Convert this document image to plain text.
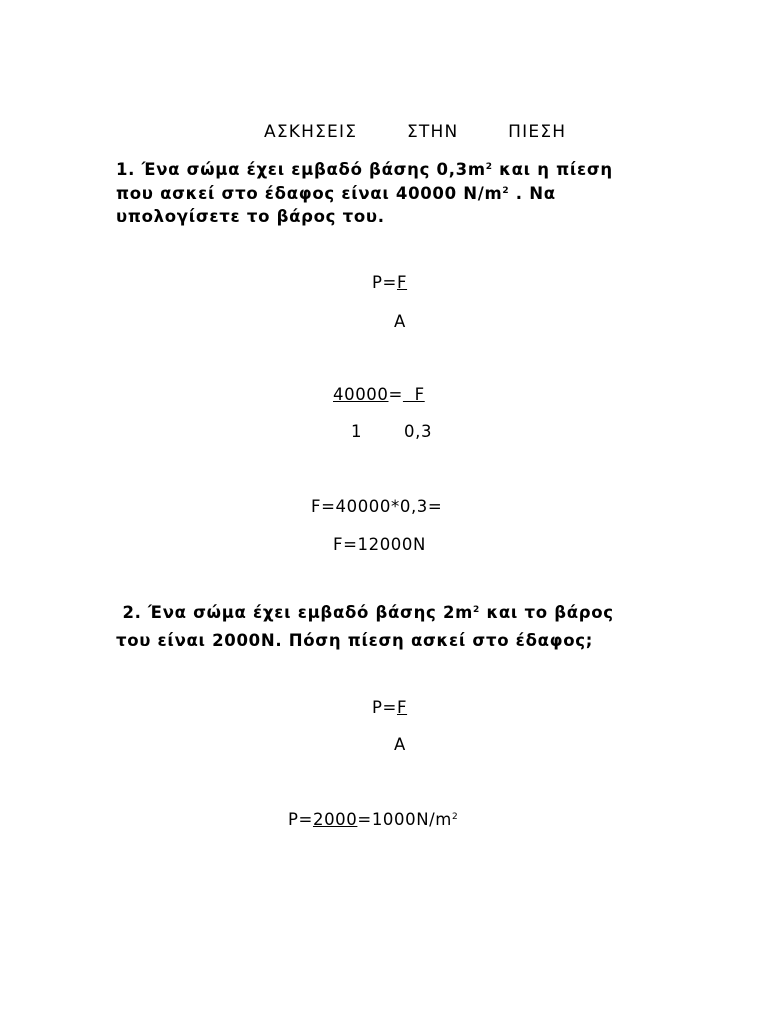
ΑΣΚΗΣΕΙΣ   ΣΤΗΝ   ΠΙΕΣΗ
1. Ένα σώμα έχει εμβαδό βάσης $0,3m^2$ και η πίεση
που ασκεί στο έδαφος είναι 40000 $N/m^2$ . Να
υπολογίσετε το βάρος του.
P=F
A
40000=  F
1	0,3
F=40000*0,3=
F=12000N
2. Ένα σώμα έχει εμβαδό βάσης $2m^2$ και το βάρος
του είναι 2000N. Πόση πίεση ασκεί στο έδαφος;
P=F
A
$P=2000=1000N/m^2$
